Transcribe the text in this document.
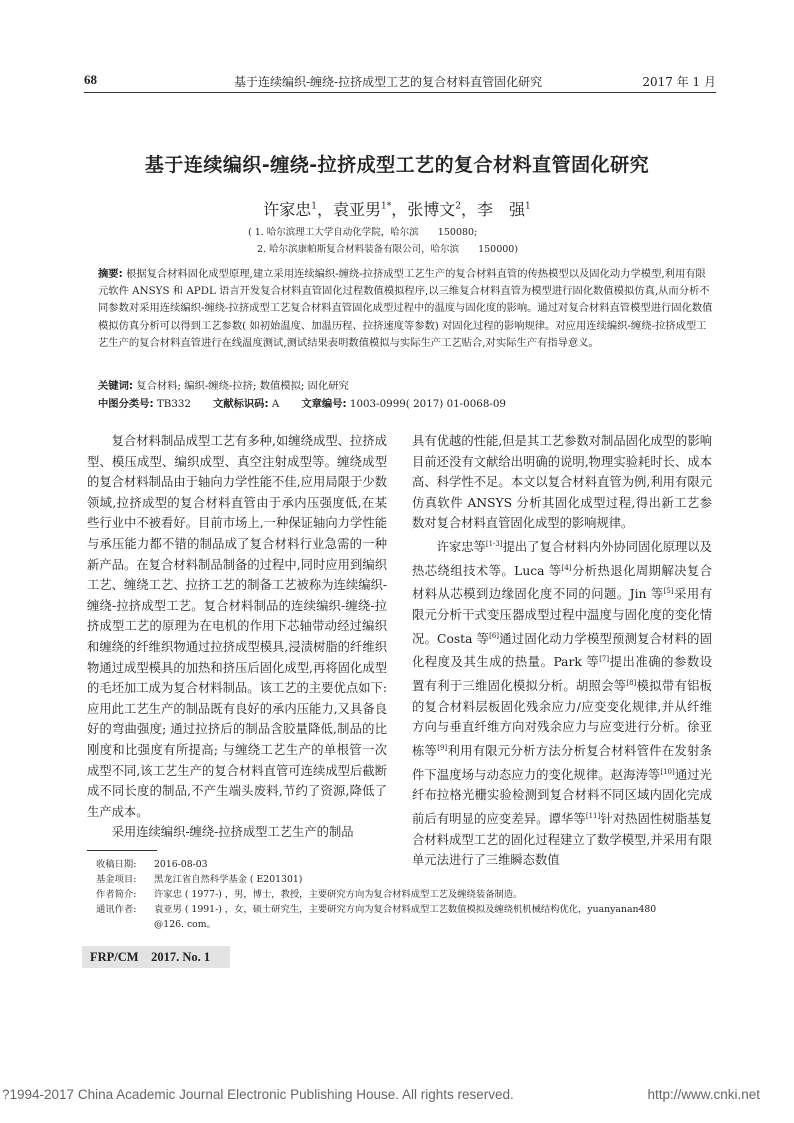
68	基于连续编织-缠绕-拉挤成型工艺的复合材料直管固化研究	2017 年 1 月
基于连续编织-缠绕-拉挤成型工艺的复合材料直管固化研究
许家忠$^1$，袁亚男$^{1*}$，张博文$^2$，李　强$^1$
( 1. 哈尔滨理工大学自动化学院，哈尔滨　　150080;
2. 哈尔滨康帕斯复合材料装备有限公司，哈尔滨　　150000)
摘要: 根据复合材料固化成型原理,建立采用连续编织-缠绕-拉挤成型工艺生产的复合材料直管的传热模型以及固化动力学模型,利用有限元软件 ANSYS 和 APDL 语言开发复合材料直管固化过程数值模拟程序,以三维复合材料直管为模型进行固化数值模拟仿真,从而分析不同参数对采用连续编织-缠绕-拉挤成型工艺复合材料直管固化成型过程中的温度与固化度的影响。通过对复合材料直管模型进行固化数值模拟仿真分析可以得到工艺参数( 如初始温度、加温历程、拉挤速度等参数) 对固化过程的影响规律。对应用连续编织-缠绕-拉挤成型工艺生产的复合材料直管进行在线温度测试,测试结果表明数值模拟与实际生产工艺贴合,对实际生产有指导意义。
关键词: 复合材料; 编织-缠绕-拉挤; 数值模拟; 固化研究
中图分类号: TB332 文献标识码: A 文章编号: 1003-0999( 2017) 01-0068-09

复合材料制品成型工艺有多种,如缠绕成型、拉挤成型、模压成型、编织成型、真空注射成型等。缠绕成型的复合材料制品由于轴向力学性能不佳,应用局限于少数领域,拉挤成型的复合材料直管由于承内压强度低,在某些行业中不被看好。目前市场上,一种保证轴向力学性能与承压能力都不错的制品成了复合材料行业急需的一种新产品。在复合材料制品制备的过程中,同时应用到编织工艺、缠绕工艺、拉挤工艺的制备工艺被称为连续编织-缠绕-拉挤成型工艺。复合材料制品的连续编织-缠绕-拉挤成型工艺的原理为在电机的作用下芯轴带动经过编织和缠绕的纤维织物通过拉挤成型模具,浸渍树脂的纤维织物通过成型模具的加热和挤压后固化成型,再将固化成型的毛坯加工成为复合材料制品。该工艺的主要优点如下: 应用此工艺生产的制品既有良好的承内压能力,又具备良好的弯曲强度; 通过拉挤后的制品含胶量降低,制品的比刚度和比强度有所提高; 与缠绕工艺生产的单根管一次成型不同,该工艺生产的复合材料直管可连续成型后截断成不同长度的制品,不产生端头废料,节约了资源,降低了生产成本。

采用连续编织-缠绕-拉挤成型工艺生产的制品

具有优越的性能,但是其工艺参数对制品固化成型的影响目前还没有文献给出明确的说明,物理实验耗时长、成本高、科学性不足。本文以复合材料直管为例,利用有限元仿真软件 ANSYS 分析其固化成型过程,得出新工艺参数对复合材料直管固化成型的影响规律。

许家忠等[1-3]提出了复合材料内外协同固化原理以及热芯绕组技术等。Luca 等[4]分析热退化周期解决复合材料从芯模到边缘固化度不同的问题。Jin 等[5]采用有限元分析干式变压器成型过程中温度与固化度的变化情况。Costa 等[6]通过固化动力学模型预测复合材料的固化程度及其生成的热量。Park 等[7]提出准确的参数设置有利于三维固化模拟分析。胡照会等[8]模拟带有铝板的复合材料层板固化残余应力/应变变化规律,并从纤维方向与垂直纤维方向对残余应力与应变进行分析。徐亚栋等[9]利用有限元分析方法分析复合材料管件在发射条件下温度场与动态应力的变化规律。赵海涛等[10]通过光纤布拉格光栅实验检测到复合材料不同区域内固化完成前后有明显的应变差异。谭华等[11]针对热固性树脂基复合材料成型工艺的固化过程建立了数学模型,并采用有限单元法进行了三维瞬态数值

收稿日期: 2016-08-03
基金项目: 黑龙江省自然科学基金 ( E201301)
作者简介: 许家忠 ( 1977-) ，男，博士，教授，主要研究方向为复合材料成型工艺及缠绕装备制造。
通讯作者: 袁亚男 ( 1991-) ，女，硕士研究生，主要研究方向为复合材料成型工艺数值模拟及缠绕机机械结构优化，yuanyanan480
@126. com。
FRP/CM　2017. No. 1
?1994-2017 China Academic Journal Electronic Publishing House. All rights reserved.	http://www.cnki.net
